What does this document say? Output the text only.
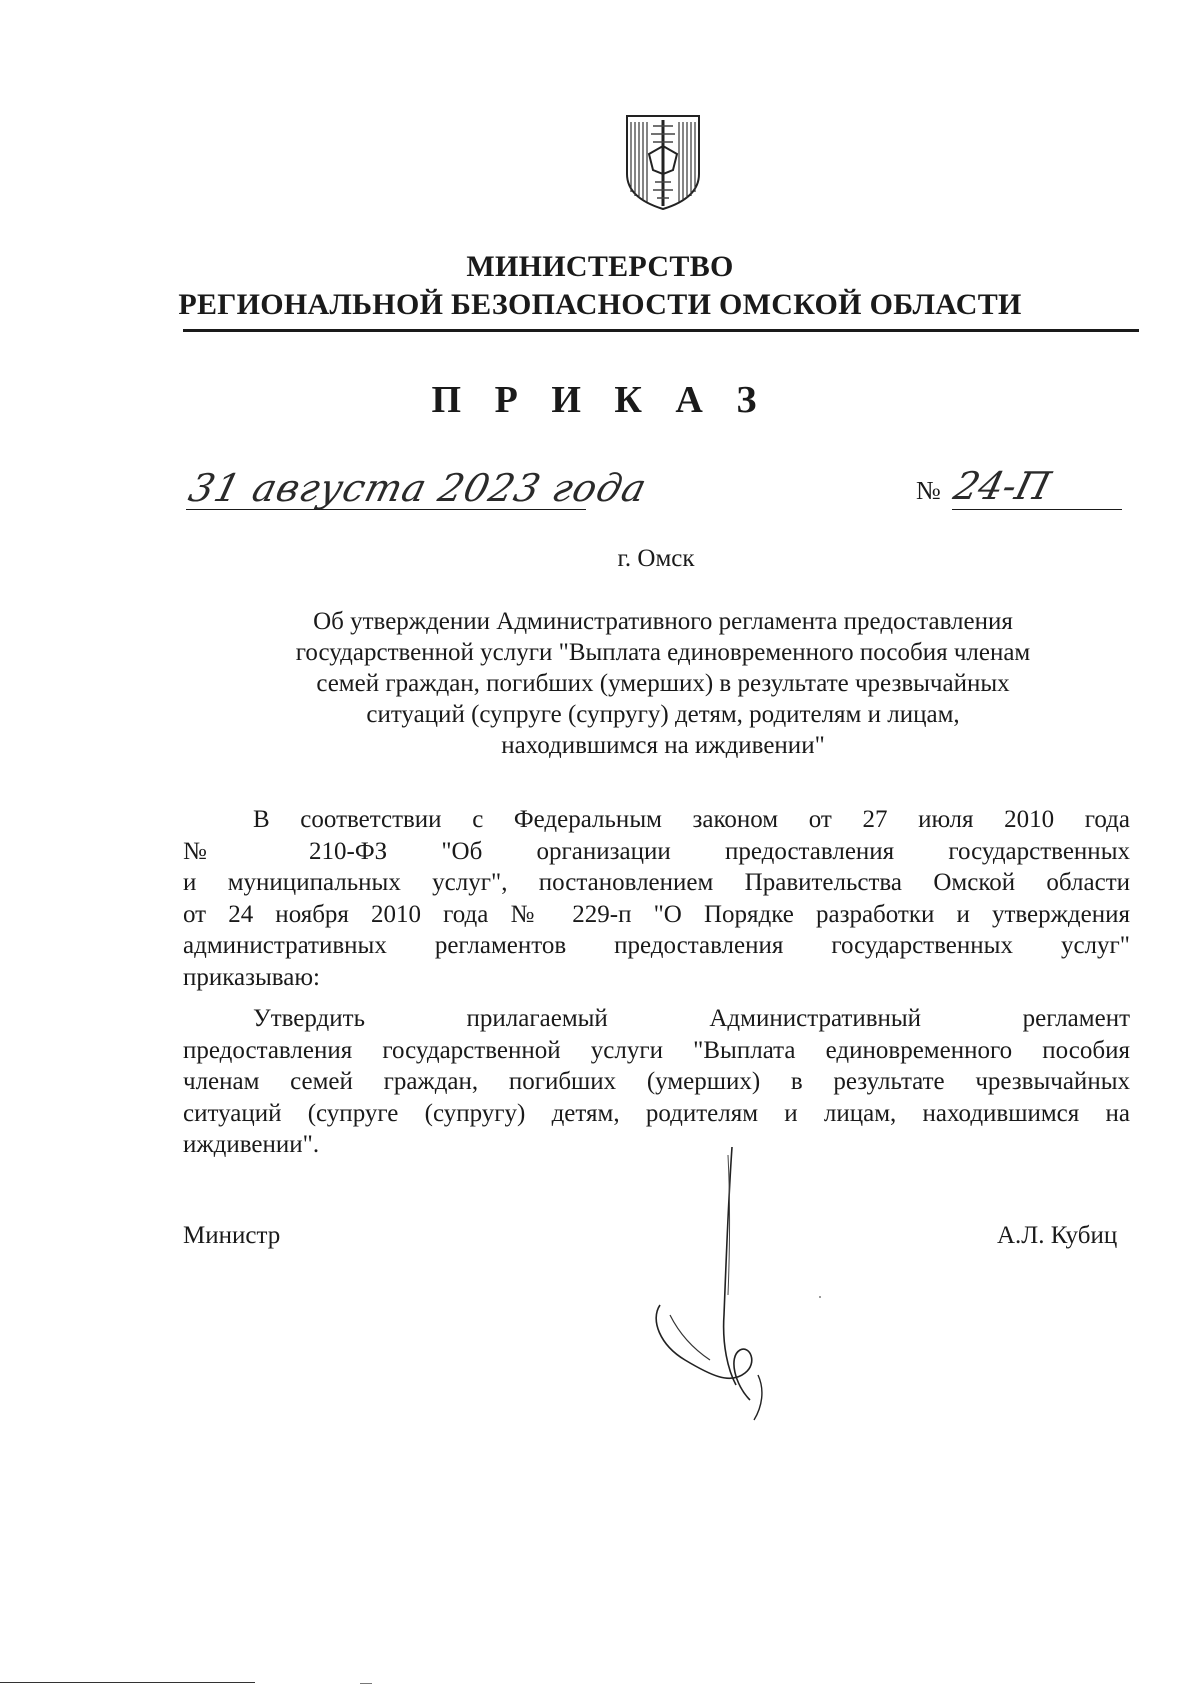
МИНИСТЕРСТВО
РЕГИОНАЛЬНОЙ БЕЗОПАСНОСТИ ОМСКОЙ ОБЛАСТИ
П Р И К А З
31 августа 2023 года	№ 24-П
г. Омск
Об утверждении Административного регламента предоставления
государственной услуги "Выплата единовременного пособия членам
семей граждан, погибших (умерших) в результате чрезвычайных
ситуаций (супруге (супругу) детям, родителям и лицам,
находившимся на иждивении"
В соответствии с Федеральным законом от 27 июля 2010 года
№ 210-ФЗ "Об организации предоставления государственных
и муниципальных услуг", постановлением Правительства Омской области
от 24 ноября 2010 года № 229-п "О Порядке разработки и утверждения
административных регламентов предоставления государственных услуг"
приказываю:
Утвердить прилагаемый Административный регламент
предоставления государственной услуги "Выплата единовременного пособия
членам семей граждан, погибших (умерших) в результате чрезвычайных
ситуаций (супруге (супругу) детям, родителям и лицам, находившимся на
иждивении".
Министр	А.Л. Кубиц
